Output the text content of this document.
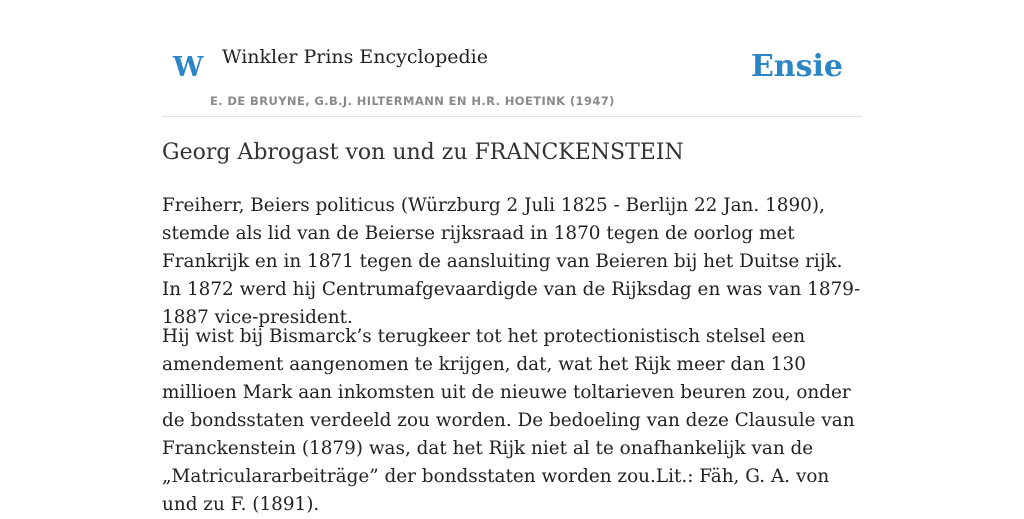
W Winkler Prins Encyclopedie
E. DE BRUYNE, G.B.J. HILTERMANN EN H.R. HOETINK (1947)
Ensie
Georg Abrogast von und zu FRANCKENSTEIN

Freiherr, Beiers politicus (Würzburg 2 Juli 1825 - Berlijn 22 Jan. 1890), stemde als lid van de Beierse rijksraad in 1870 tegen de oorlog met Frankrijk en in 1871 tegen de aansluiting van Beieren bij het Duitse rijk. In 1872 werd hij Centrumafgevaardigde van de Rijksdag en was van 1879-1887 vice-president.

Hij wist bij Bismarck’s terugkeer tot het protectionistisch stelsel een amendement aangenomen te krijgen, dat, wat het Rijk meer dan 130 millioen Mark aan inkomsten uit de nieuwe toltarieven beuren zou, onder de bondsstaten verdeeld zou worden. De bedoeling van deze Clausule van Franckenstein (1879) was, dat het Rijk niet al te onafhankelijk van de „Matriculararbeiträge” der bondsstaten worden zou.Lit.: Fäh, G. A. von und zu F. (1891).
